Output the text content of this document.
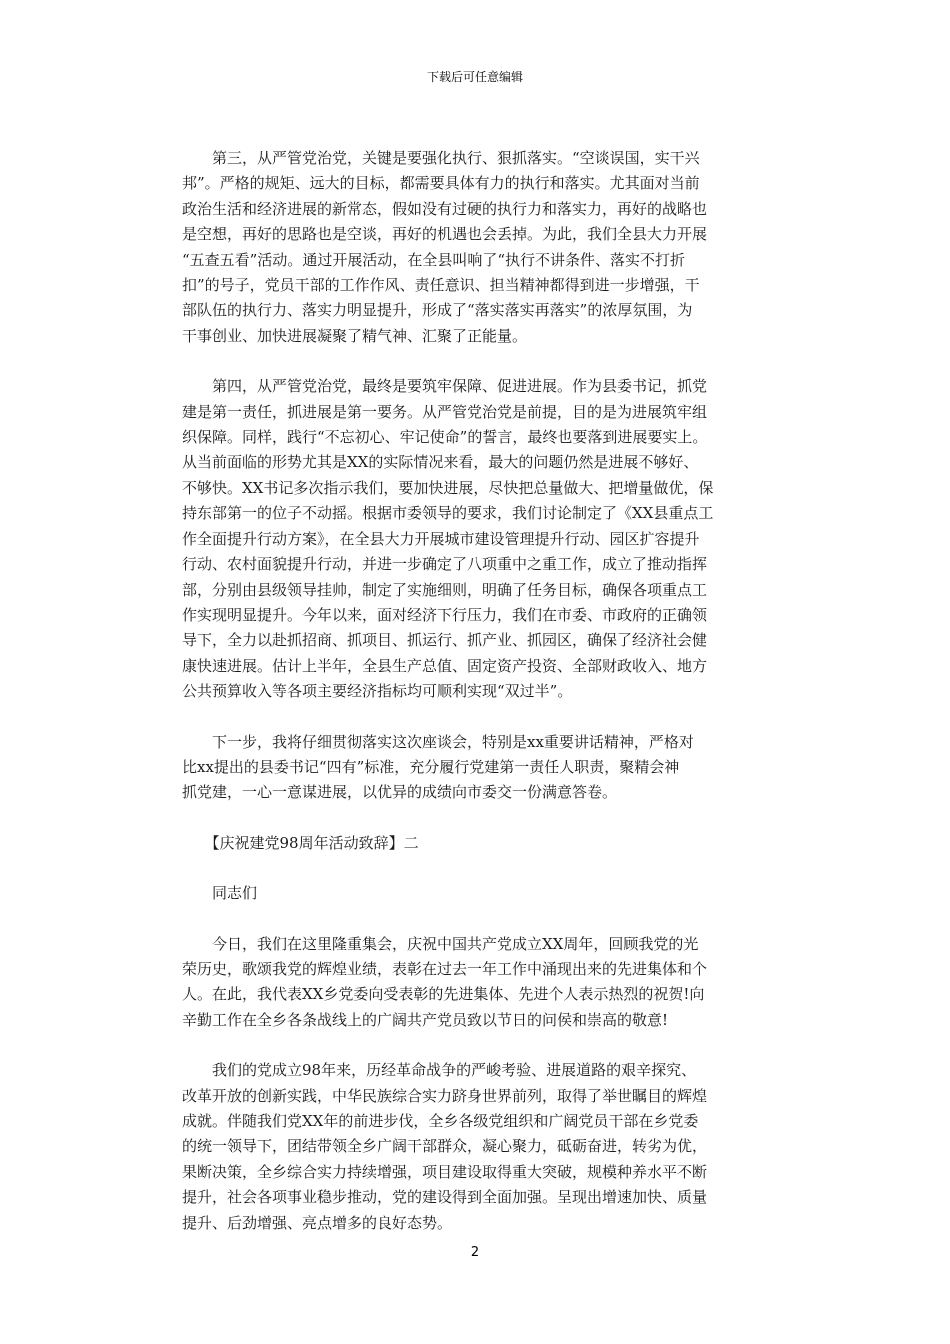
下载后可任意编辑
　　第三，从严管党治党，关键是要强化执行、狠抓落实。“空谈误国，实干兴
邦”。严格的规矩、远大的目标，都需要具体有力的执行和落实。尤其面对当前
政治生活和经济进展的新常态，假如没有过硬的执行力和落实力，再好的战略也
是空想，再好的思路也是空谈，再好的机遇也会丢掉。为此，我们全县大力开展
“五查五看”活动。通过开展活动，在全县叫响了“执行不讲条件、落实不打折
扣”的号子，党员干部的工作作风、责任意识、担当精神都得到进一步增强，干
部队伍的执行力、落实力明显提升，形成了“落实落实再落实”的浓厚氛围，为
干事创业、加快进展凝聚了精气神、汇聚了正能量。
　　第四，从严管党治党，最终是要筑牢保障、促进进展。作为县委书记，抓党
建是第一责任，抓进展是第一要务。从严管党治党是前提，目的是为进展筑牢组
织保障。同样，践行“不忘初心、牢记使命”的誓言，最终也要落到进展要实上。
从当前面临的形势尤其是XX的实际情况来看，最大的问题仍然是进展不够好、
不够快。XX书记多次指示我们，要加快进展，尽快把总量做大、把增量做优，保
持东部第一的位子不动摇。根据市委领导的要求，我们讨论制定了《XX县重点工
作全面提升行动方案》，在全县大力开展城市建设管理提升行动、园区扩容提升
行动、农村面貌提升行动，并进一步确定了八项重中之重工作，成立了推动指挥
部，分别由县级领导挂帅，制定了实施细则，明确了任务目标，确保各项重点工
作实现明显提升。今年以来，面对经济下行压力，我们在市委、市政府的正确领
导下，全力以赴抓招商、抓项目、抓运行、抓产业、抓园区，确保了经济社会健
康快速进展。估计上半年，全县生产总值、固定资产投资、全部财政收入、地方
公共预算收入等各项主要经济指标均可顺利实现“双过半”。
　　下一步，我将仔细贯彻落实这次座谈会，特别是xx重要讲话精神，严格对
比xx提出的县委书记“四有”标准，充分履行党建第一责任人职责，聚精会神
抓党建，一心一意谋进展，以优异的成绩向市委交一份满意答卷。
　　【庆祝建党98周年活动致辞】二
　　同志们
　　今日，我们在这里隆重集会，庆祝中国共产党成立XX周年，回顾我党的光
荣历史，歌颂我党的辉煌业绩，表彰在过去一年工作中涌现出来的先进集体和个
人。在此，我代表XX乡党委向受表彰的先进集体、先进个人表示热烈的祝贺!向
辛勤工作在全乡各条战线上的广阔共产党员致以节日的问侯和崇高的敬意!
　　我们的党成立98年来，历经革命战争的严峻考验、进展道路的艰辛探究、
改革开放的创新实践，中华民族综合实力跻身世界前列，取得了举世瞩目的辉煌
成就。伴随我们党XX年的前进步伐，全乡各级党组织和广阔党员干部在乡党委
的统一领导下，团结带领全乡广阔干部群众，凝心聚力，砥砺奋进，转劣为优，
果断决策，全乡综合实力持续增强，项目建设取得重大突破，规模种养水平不断
提升，社会各项事业稳步推动，党的建设得到全面加强。呈现出增速加快、质量
提升、后劲增强、亮点增多的良好态势。
2
